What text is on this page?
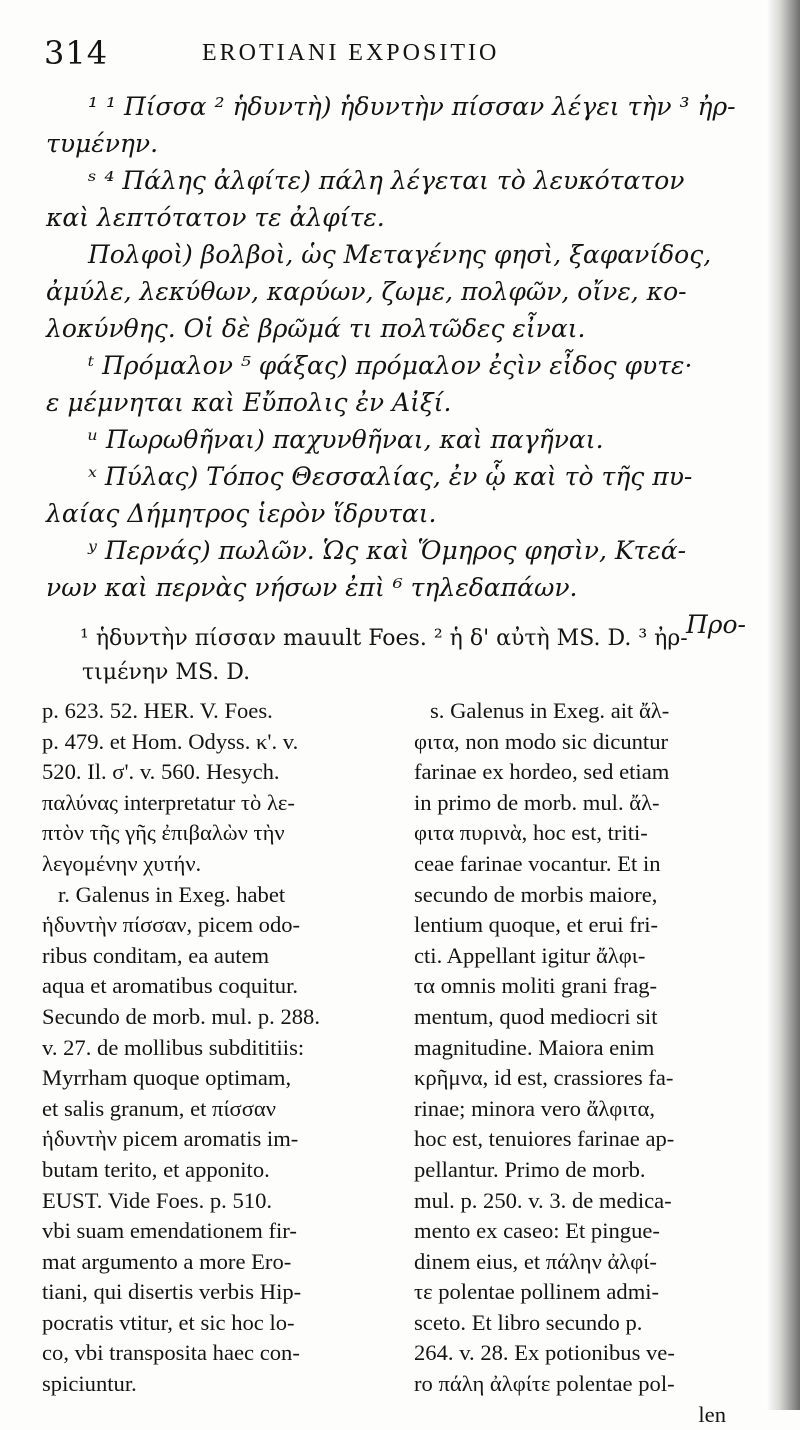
314	EROTIANI EXPOSITIO

¹ ¹ Πίσσα ² ἡδυντὴ) ἡδυντὴν πίσσαν λέγει τὴν ³ ἠρ-

τυμένην.

ˢ ⁴ Πάλης ἀλφίτε) πάλη λέγεται τὸ λευκότατον

καὶ λεπτότατον τε ἀλφίτε.

Πολφοὶ) βολβοὶ, ὡς Μεταγένης φησὶ, ξαφανίδος,

ἀμύλε, λεκύθων, καρύων, ζωμε, πολφῶν, οἴνε, κο-

λοκύνθης. Οἱ δὲ βρῶμά τι πολτῶδες εἶναι.

ᵗ Πρόμαλον ⁵ φάξας) πρόμαλον ἐςὶν εἶδος φυτε·

ε μέμνηται καὶ Εὔπολις ἐν Αἰξί.

ᵘ Πωρωθῆναι) παχυνθῆναι, καὶ παγῆναι.

ˣ Πύλας) Τόπος Θεσσαλίας, ἐν ᾧ καὶ τὸ τῆς πυ-

λαίας Δήμητρος ἱερὸν ἵδρυται.

ʸ Περνάς) πωλῶν. Ὡς καὶ Ὅμηρος φησὶν, Κτεά-

νων καὶ περνὰς νήσων ἐπὶ ⁶ τηλεδαπάων.

Προ-

¹ ἡδυντὴν πίσσαν mauult Foes. ² ἡ δ' αὐτὴ MS. D. ³ ἠρ-

τιμένην MS. D.

p. 623. 52. HER. V. Foes.

p. 479. et Hom. Odyss. κ'. v.

520. Il. σ'. v. 560. Hesych.

παλύνας interpretatur τὸ λε-

πτὸν τῆς γῆς ἐπιβαλὼν τὴν

λεγομένην χυτήν.

r. Galenus in Exeg. habet

ἡδυντὴν πίσσαν, picem odo-

ribus conditam, ea autem

aqua et aromatibus coquitur.

Secundo de morb. mul. p. 288.

v. 27. de mollibus subdititiis:

Myrrham quoque optimam,

et salis granum, et πίσσαν

ἡδυντὴν picem aromatis im-

butam terito, et apponito.

EUST. Vide Foes. p. 510.

vbi suam emendationem fir-

mat argumento a more Ero-

tiani, qui disertis verbis Hip-

pocratis vtitur, et sic hoc lo-

co, vbi transposita haec con-

spiciuntur.

s. Galenus in Exeg. ait ἄλ-

φιτα, non modo sic dicuntur

farinae ex hordeo, sed etiam

in primo de morb. mul. ἄλ-

φιτα πυρινὰ, hoc est, triti-

ceae farinae vocantur. Et in

secundo de morbis maiore,

lentium quoque, et erui fri-

cti. Appellant igitur ἄλφι-

τα omnis moliti grani frag-

mentum, quod mediocri sit

magnitudine. Maiora enim

κρῆμνα, id est, crassiores fa-

rinae; minora vero ἄλφιτα,

hoc est, tenuiores farinae ap-

pellantur. Primo de morb.

mul. p. 250. v. 3. de medica-

mento ex caseo: Et pingue-

dinem eius, et πάλην ἀλφί-

τε polentae pollinem admi-

sceto. Et libro secundo p.

264. v. 28. Ex potionibus ve-

ro πάλη ἀλφίτε polentae pol-

len
